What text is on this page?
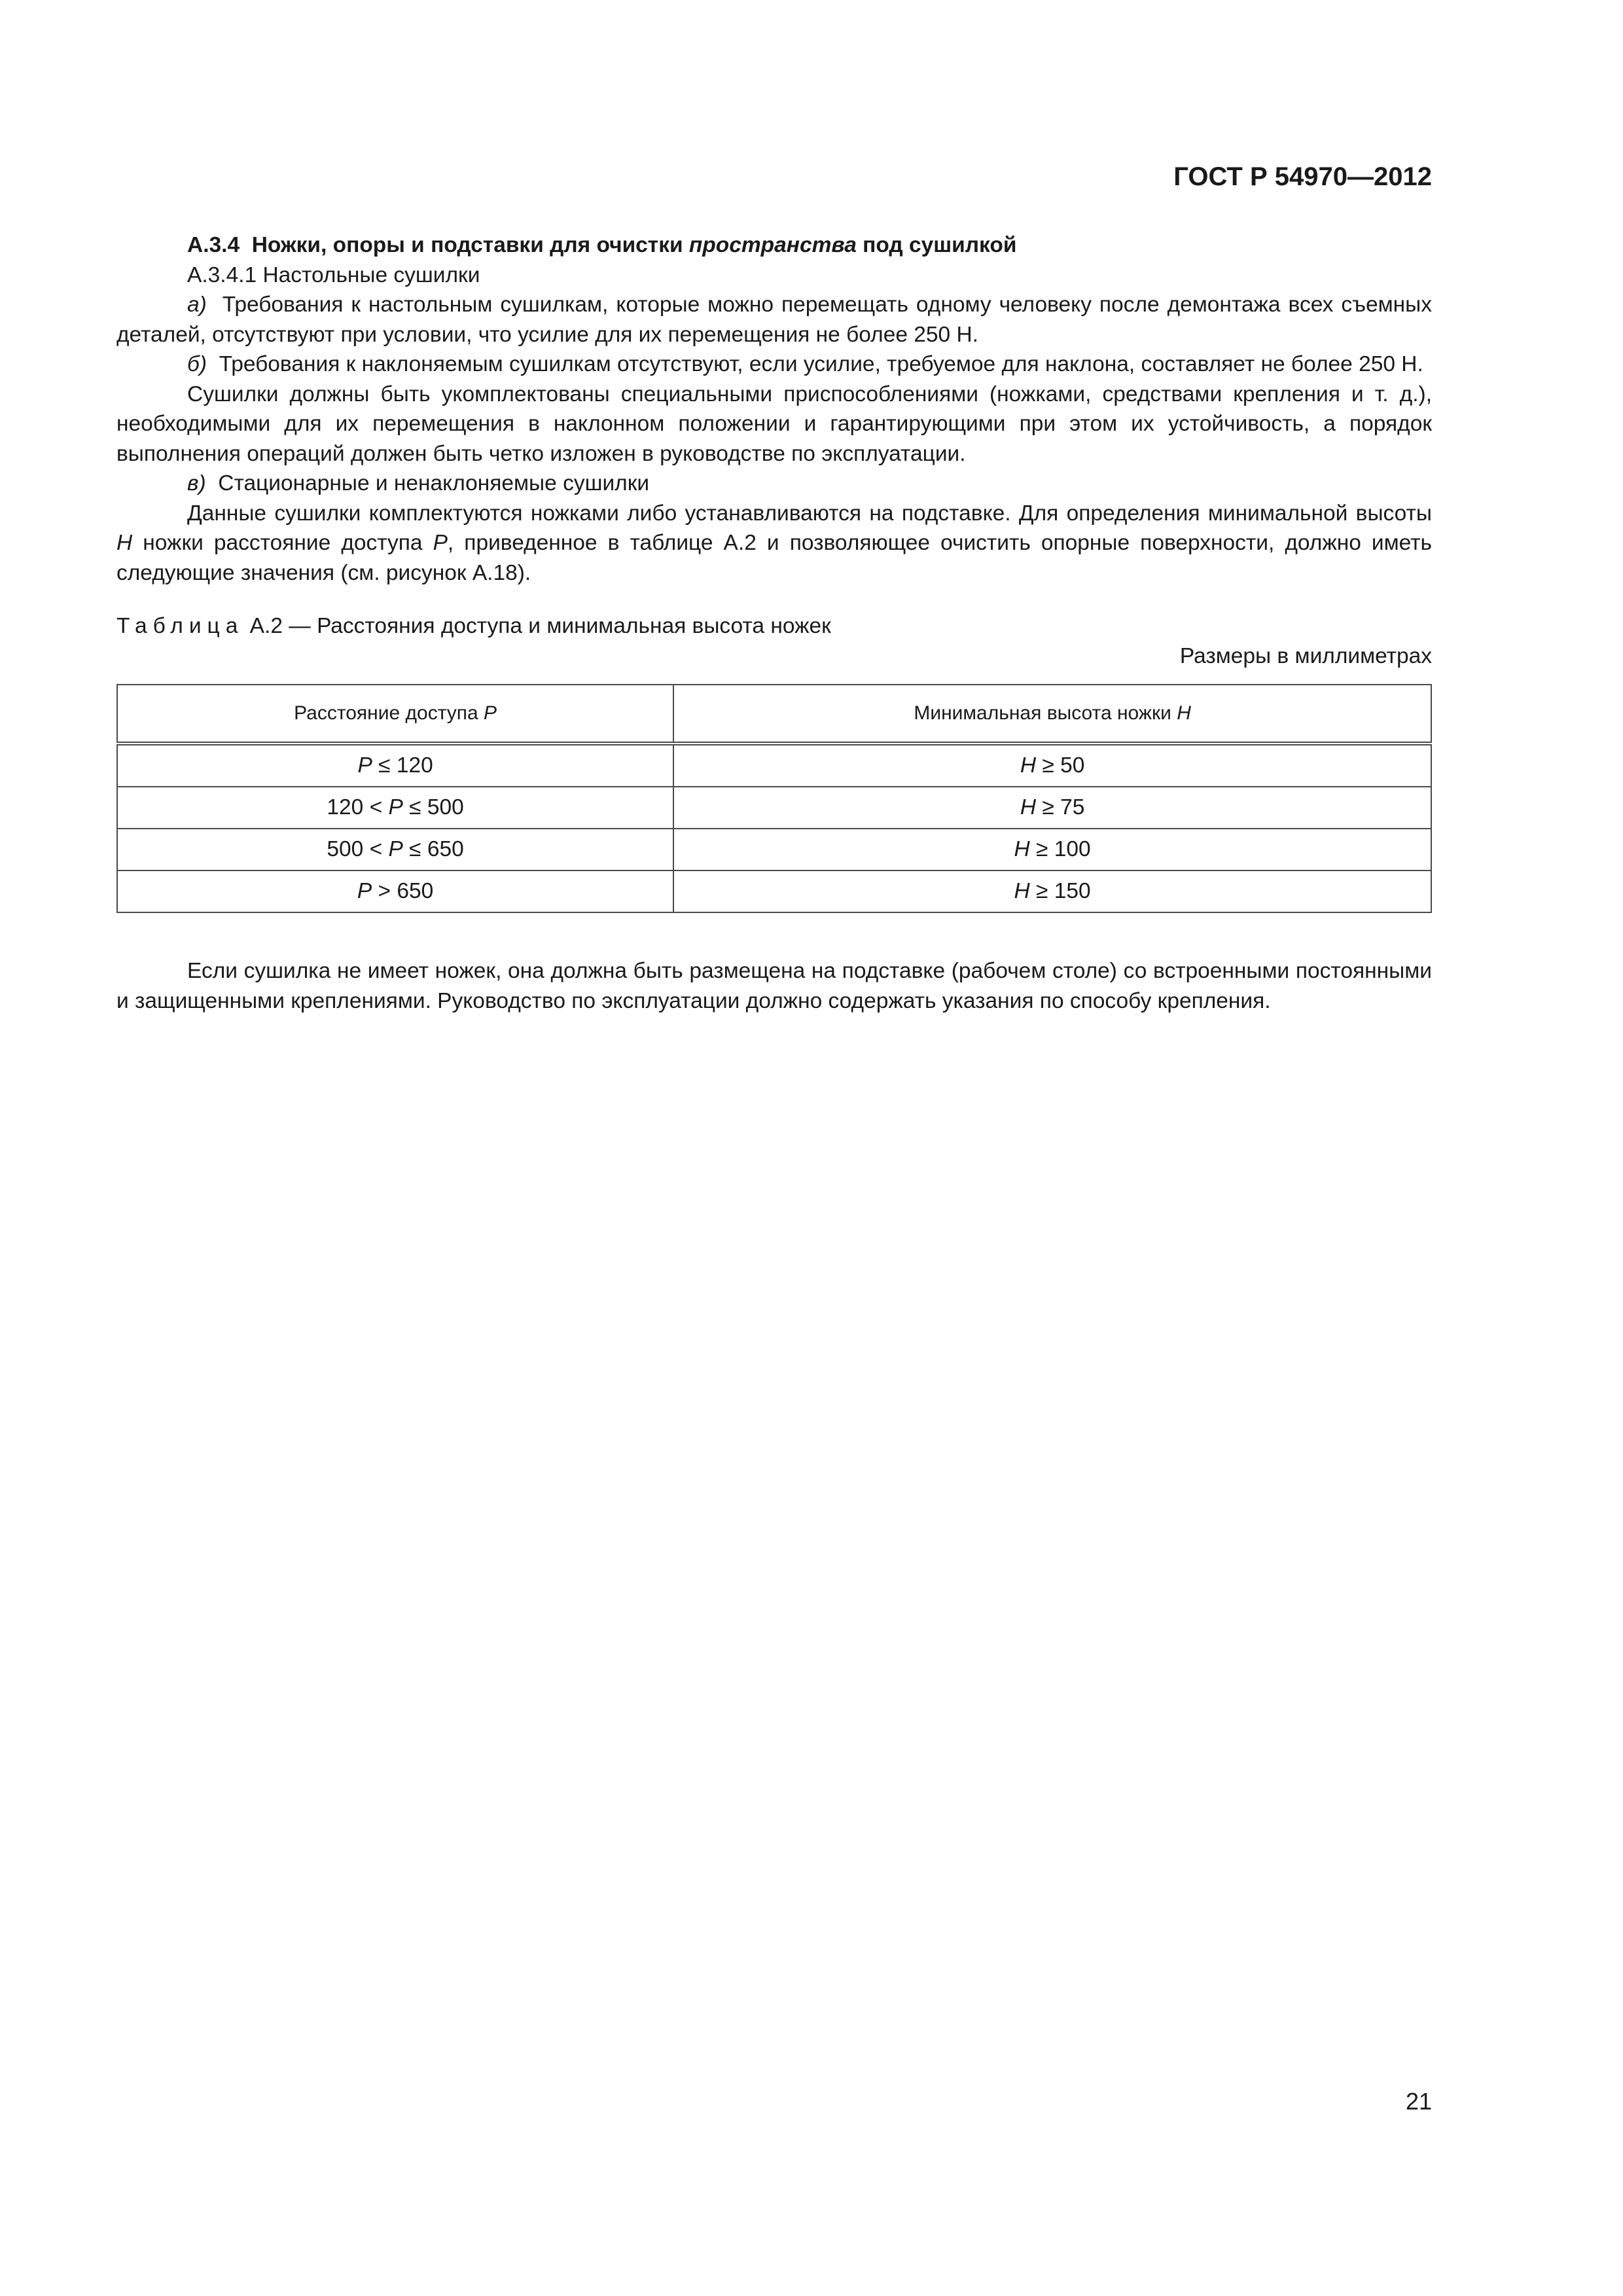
ГОСТ Р 54970—2012

А.3.4 Ножки, опоры и подставки для очистки пространства под сушилкой

А.3.4.1 Настольные сушилки

а) Требования к настольным сушилкам, которые можно перемещать одному человеку после демонтажа всех съемных деталей, отсутствуют при условии, что усилие для их перемещения не более 250 Н.

б) Требования к наклоняемым сушилкам отсутствуют, если усилие, требуемое для наклона, составляет не более 250 Н.

Сушилки должны быть укомплектованы специальными приспособлениями (ножками, средствами крепления и т. д.), необходимыми для их перемещения в наклонном положении и гарантирующими при этом их устойчивость, а порядок выполнения операций должен быть четко изложен в руководстве по эксплуатации.

в) Стационарные и ненаклоняемые сушилки

Данные сушилки комплектуются ножками либо устанавливаются на подставке. Для определения минимальной высоты H ножки расстояние доступа P, приведенное в таблице А.2 и позволяющее очистить опорные поверхности, должно иметь следующие значения (см. рисунок А.18).

Таблица А.2 — Расстояния доступа и минимальная высота ножек
Размеры в миллиметрах
Расстояние доступа P	Минимальная высота ножки H
P ≤ 120	H ≥ 50
120 < P ≤ 500	H ≥ 75
500 < P ≤ 650	H ≥ 100
P > 650	H ≥ 150

Если сушилка не имеет ножек, она должна быть размещена на подставке (рабочем столе) со встроенными постоянными и защищенными креплениями. Руководство по эксплуатации должно содержать указания по способу крепления.

21
